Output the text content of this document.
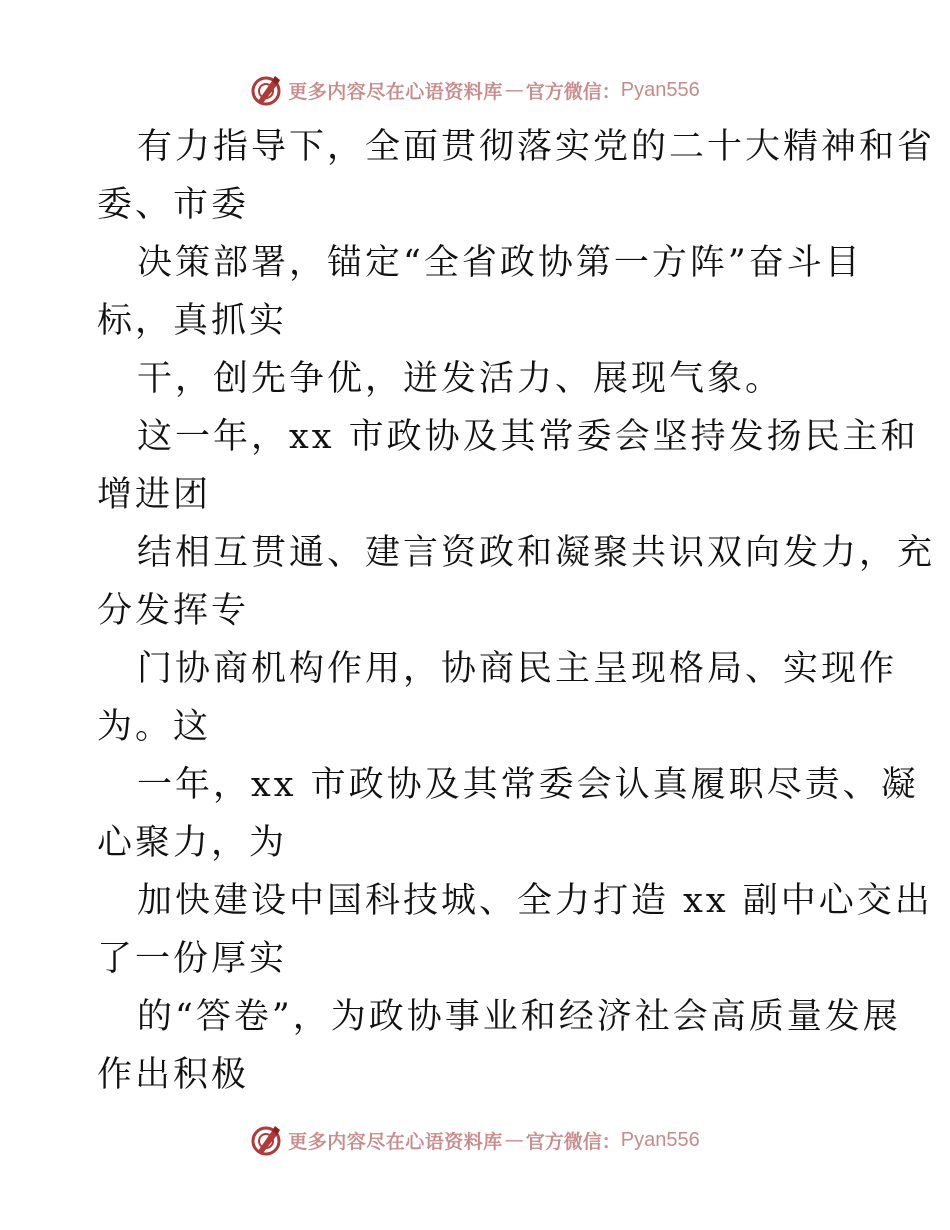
更多内容尽在心语资料库 — 官方微信： Pyan556
有力指导下，全面贯彻落实党的二十大精神和省
委、市委
决策部署，锚定“全省政协第一方阵”奋斗目
标，真抓实
干，创先争优，迸发活力、展现气象。
这一年，xx 市政协及其常委会坚持发扬民主和
增进团
结相互贯通、建言资政和凝聚共识双向发力，充
分发挥专
门协商机构作用，协商民主呈现格局、实现作
为。这
一年，xx 市政协及其常委会认真履职尽责、凝
心聚力，为
加快建设中国科技城、全力打造 xx 副中心交出
了一份厚实
的“答卷”，为政协事业和经济社会高质量发展
作出积极
更多内容尽在心语资料库 — 官方微信： Pyan556
